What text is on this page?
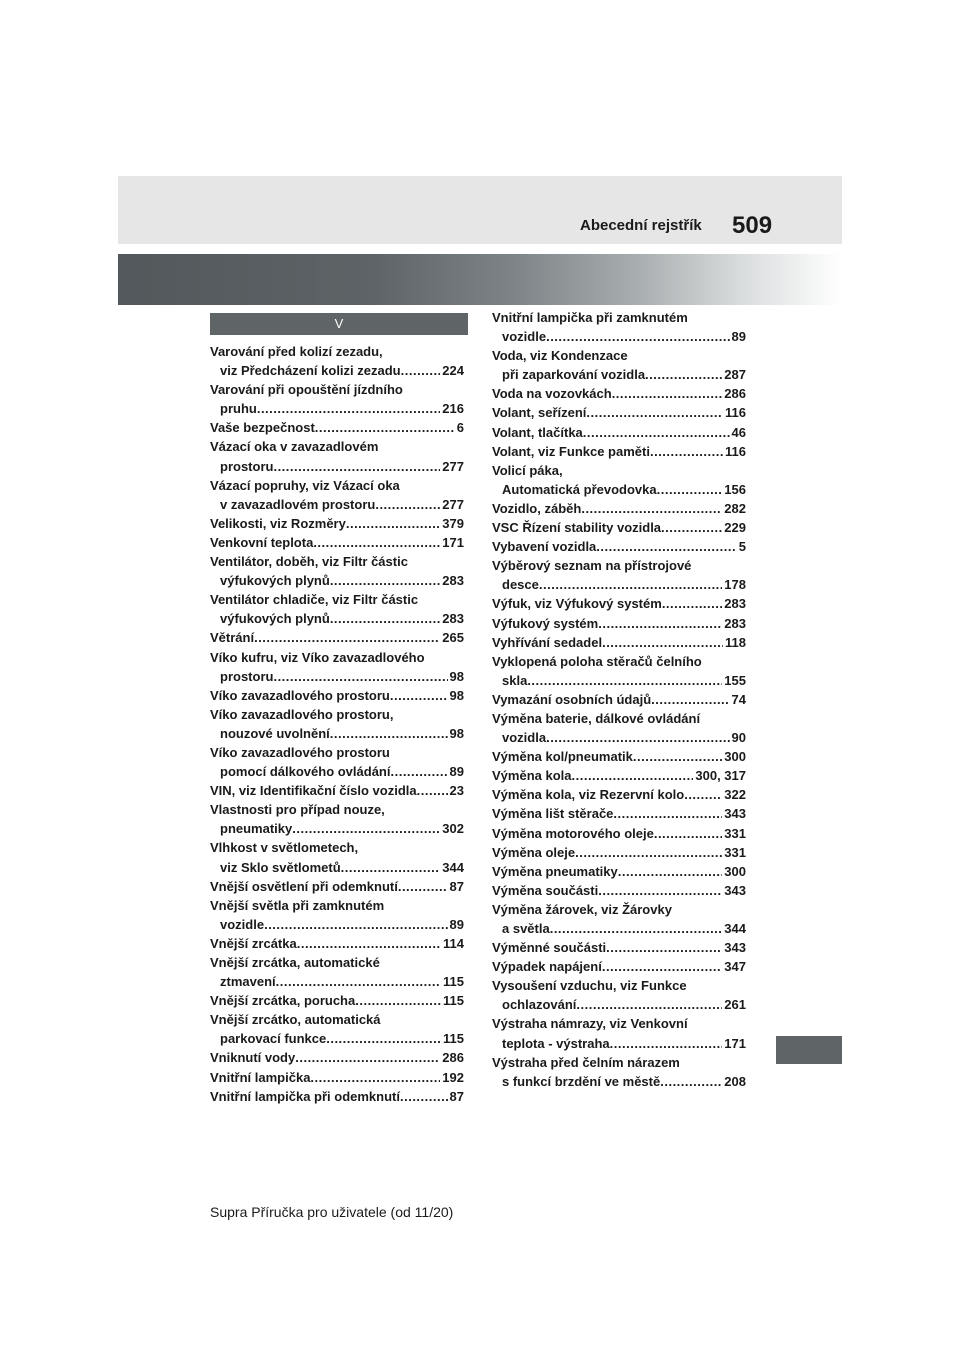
Abecední rejstřík 509
V
Varování před kolizí zezadu,
viz Předcházení kolizi zezadu .....	224
Varování při opouštění jízdního
pruhu .....	216
Vaše bezpečnost .....	6
Vázací oka v zavazadlovém
prostoru .....	277
Vázací popruhy, viz Vázací oka
v zavazadlovém prostoru .....	277
Velikosti, viz Rozměry .....	379
Venkovní teplota .....	171
Ventilátor, doběh, viz Filtr částic
výfukových plynů .....	283
Ventilátor chladiče, viz Filtr částic
výfukových plynů .....	283
Větrání .....	265
Víko kufru, viz Víko zavazadlového
prostoru .....	98
Víko zavazadlového prostoru .....	98
Víko zavazadlového prostoru,
nouzové uvolnění .....	98
Víko zavazadlového prostoru
pomocí dálkového ovládání .....	89
VIN, viz Identifikační číslo vozidla .....	23
Vlastnosti pro případ nouze,
pneumatiky .....	302
Vlhkost v světlometech,
viz Sklo světlometů .....	344
Vnější osvětlení při odemknutí .....	87
Vnější světla při zamknutém
vozidle .....	89
Vnější zrcátka .....	114
Vnější zrcátka, automatické
ztmavení .....	115
Vnější zrcátka, porucha .....	115
Vnější zrcátko, automatická
parkovací funkce .....	115
Vniknutí vody .....	286
Vnitřní lampička .....	192
Vnitřní lampička při odemknutí .....	87
Vnitřní lampička při zamknutém
vozidle .....	89
Voda, viz Kondenzace
při zaparkování vozidla .....	287
Voda na vozovkách .....	286
Volant, seřízení .....	116
Volant, tlačítka .....	46
Volant, viz Funkce paměti .....	116
Volicí páka,
Automatická převodovka .....	156
Vozidlo, záběh .....	282
VSC Řízení stability vozidla .....	229
Vybavení vozidla .....	5
Výběrový seznam na přístrojové
desce .....	178
Výfuk, viz Výfukový systém .....	283
Výfukový systém .....	283
Vyhřívání sedadel .....	118
Vyklopená poloha stěračů čelního
skla .....	155
Vymazání osobních údajů .....	74
Výměna baterie, dálkové ovládání
vozidla .....	90
Výměna kol/pneumatik .....	300
Výměna kola .....	300, 317
Výměna kola, viz Rezervní kolo .....	322
Výměna lišt stěrače .....	343
Výměna motorového oleje .....	331
Výměna oleje .....	331
Výměna pneumatiky .....	300
Výměna součásti .....	343
Výměna žárovek, viz Žárovky
a světla .....	344
Výměnné součásti .....	343
Výpadek napájení .....	347
Vysoušení vzduchu, viz Funkce
ochlazování .....	261
Výstraha námrazy, viz Venkovní
teplota - výstraha .....	171
Výstraha před čelním nárazem
s funkcí brzdění ve městě .....	208
Supra Příručka pro uživatele (od 11/20)
